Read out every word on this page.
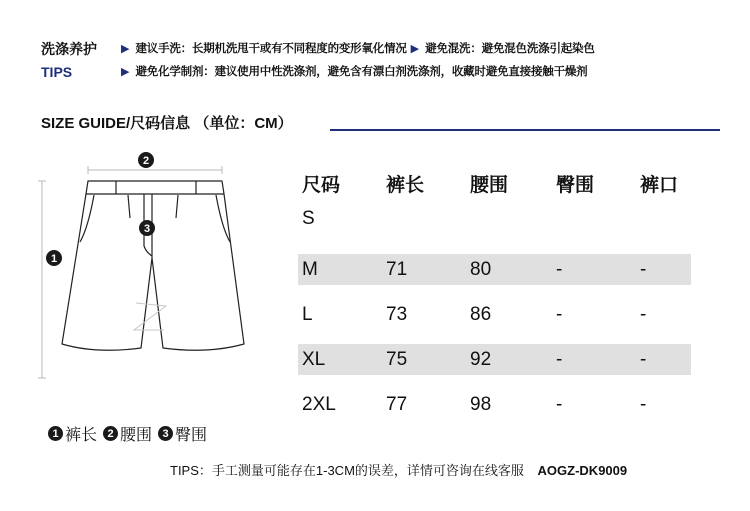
洗涤养护	▶ 建议手洗：长期机洗甩干或有不同程度的变形氧化情况 ▶ 避免混洗：避免混色洗涤引起染色
TIPS	▶ 避免化学制剂：建议使用中性洗涤剂，避免含有漂白剂洗涤剂，收藏时避免直接接触干燥剂
SIZE GUIDE/尺码信息 （单位：CM）
2
3
1
1 裤长 2 腰围 3 臀围
尺码	裤长	腰围	臀围	裤口
S
M	71	80	-	-
L	73	86	-	-
XL	75	92	-	-
2XL	77	98	-	-
TIPS：手工测量可能存在1-3CM的误差，详情可咨询在线客服 AOGZ-DK9009
